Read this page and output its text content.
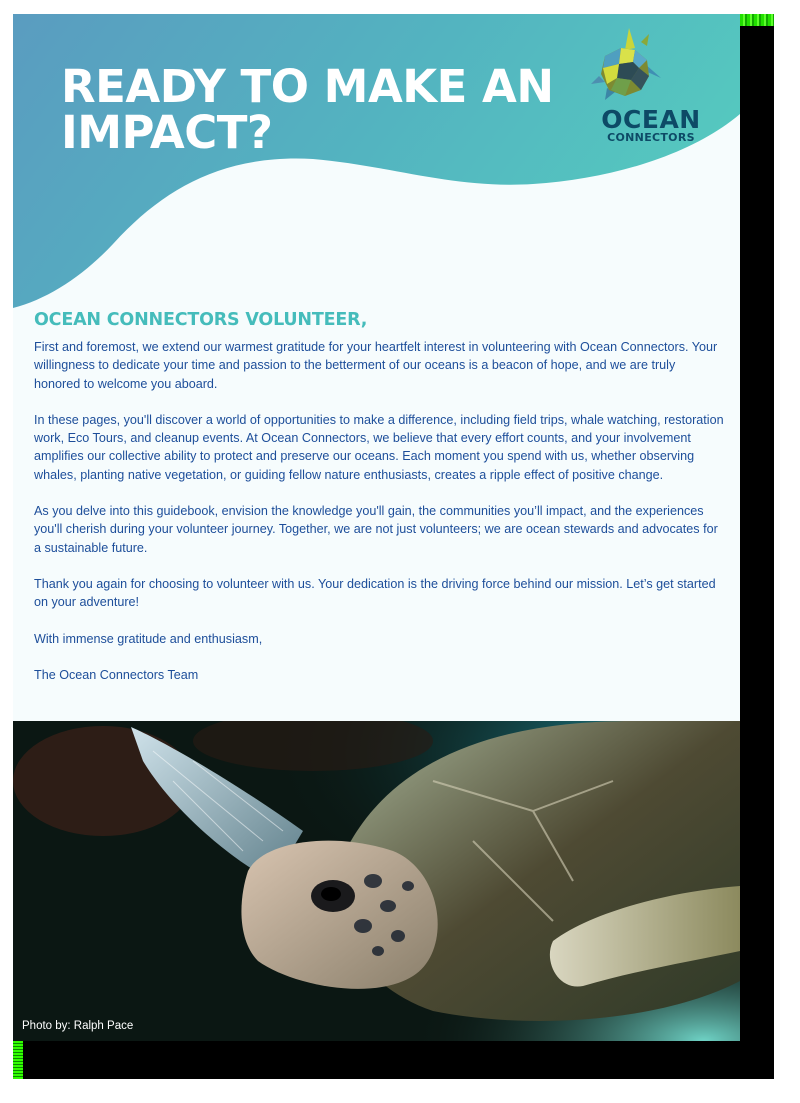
READY TO MAKE AN
IMPACT?	OCEAN
CONNECTORS
OCEAN CONNECTORS VOLUNTEER,

First and foremost, we extend our warmest gratitude for your heartfelt interest in volunteering with Ocean Connectors. Your willingness to dedicate your time and passion to the betterment of our oceans is a beacon of hope, and we are truly honored to welcome you aboard.

In these pages, you'll discover a world of opportunities to make a difference, including field trips, whale watching, restoration work, Eco Tours, and cleanup events. At Ocean Connectors, we believe that every effort counts, and your involvement amplifies our collective ability to protect and preserve our oceans. Each moment you spend with us, whether observing whales, planting native vegetation, or guiding fellow nature enthusiasts, creates a ripple effect of positive change.

As you delve into this guidebook, envision the knowledge you'll gain, the communities you’ll impact, and the experiences you'll cherish during your volunteer journey. Together, we are not just volunteers; we are ocean stewards and advocates for a sustainable future.

Thank you again for choosing to volunteer with us. Your dedication is the driving force behind our mission. Let’s get started on your adventure!

With immense gratitude and enthusiasm,

The Ocean Connectors Team

Photo by: Ralph Pace
